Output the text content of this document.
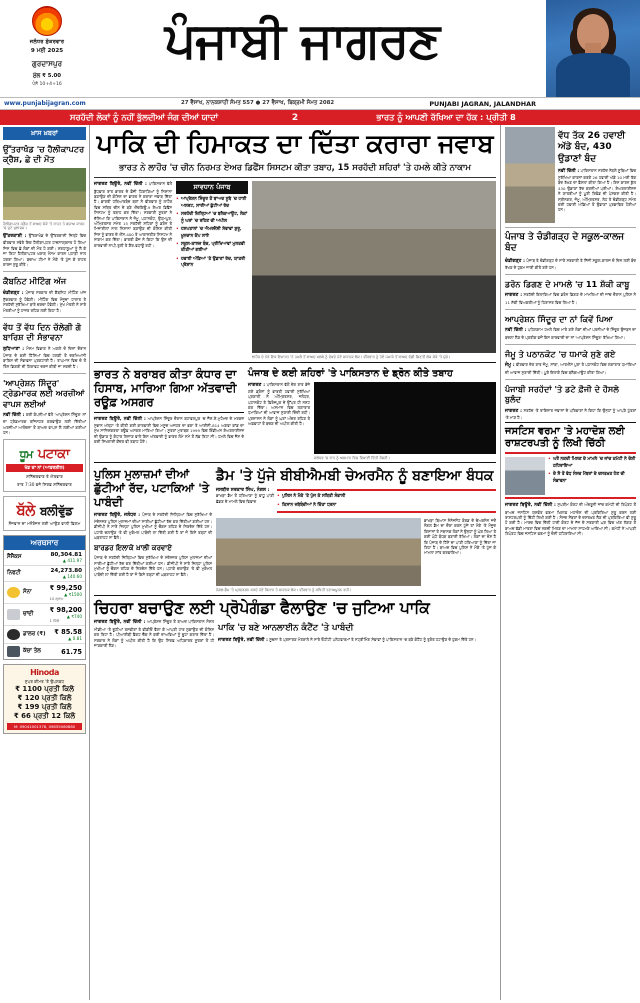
ਜਲੰਧਰ ਸ਼ੁੱਕਰਵਾਰ
9 ਮਈ 2025
ਗੁਰਦਾਸਪੁਰ
ਮੁੱਲ ₹ 5.00
ਪੰਨੇ 10+4+16
ਪੰਜਾਬੀ ਜਾਗਰਣ
www.punjabijagran.com	27 ਵੈਸਾਖ, ਨਾਨਕਸ਼ਾਹੀ ਸੰਮਤ 557 ● 27 ਵੈਸਾਖ, ਬਿਕ੍ਰਮੀ ਸੰਮਤ 2082	PUNJABI JAGRAN, JALANDHAR
ਸਰਹੱਦੀ ਲੋਕਾਂ ਨੂੰ ਨਹੀਂ ਭੁੱਲਦੀਆਂ ਜੰਗ ਦੀਆਂ ਯਾਦਾਂ	2	ਭਾਰਤ ਨੂੰ ਆਪਣੀ ਰੱਖਿਆ ਦਾ ਹੱਕ : ਪ੍ਰੀਤੀ 8
ਖ਼ਾਸ ਖ਼ਬਰਾਂ
ਉੱਤਰਾਖੰਡ 'ਚ ਹੈਲੀਕਾਪਟਰ ਕ੍ਰੈਸ਼, ਛੇ ਦੀ ਮੌਤ
ਹੈਲੀਕਾਪਟਰ ਕ੍ਰੈਸ਼ ਤੋਂ ਬਾਅਦ ਮੌਕੇ 'ਤੇ ਰਾਹਤ ਤੇ ਬਚਾਅ ਕਾਰਜ 'ਚ ਜੁਟੇ ਮੁਲਾਜ਼ਮ।
ਉੱਤਰਕਾਸ਼ੀ : ਉੱਤਰਾਖੰਡ ਦੇ ਉੱਤਰਕਾਸ਼ੀ ਜ਼ਿਲ੍ਹੇ ਵਿਚ ਵੀਰਵਾਰ ਸਵੇਰੇ ਇਕ ਹੈਲੀਕਾਪਟਰ ਹਾਦਸਾਗ੍ਰਸਤ ਹੋ ਗਿਆ ਜਿਸ ਵਿਚ ਛੇ ਲੋਕਾਂ ਦੀ ਮੌਤ ਹੋ ਗਈ। ਸ਼ਰਧਾਲੂਆਂ ਨੂੰ ਲੈ ਕੇ ਜਾ ਰਿਹਾ ਹੈਲੀਕਾਪਟਰ ਖ਼ਰਾਬ ਮੌਸਮ ਕਾਰਨ ਪਹਾੜੀ ਨਾਲ ਟਕਰਾ ਗਿਆ। ਬਚਾਅ ਟੀਮਾਂ ਨੇ ਮੌਕੇ 'ਤੇ ਪੁੱਜ ਕੇ ਰਾਹਤ ਕਾਰਜ ਸ਼ੁਰੂ ਕੀਤੇ।
ਕੈਬਨਿਟ ਮੀਟਿੰਗ ਅੱਜ
ਚੰਡੀਗੜ੍ਹ : ਪੰਜਾਬ ਸਰਕਾਰ ਦੀ ਕੈਬਨਿਟ ਮੀਟਿੰਗ ਅੱਜ ਸ਼ੁੱਕਰਵਾਰ ਨੂੰ ਹੋਵੇਗੀ। ਮੀਟਿੰਗ ਵਿਚ ਮੌਜੂਦਾ ਹਾਲਾਤ ਤੇ ਸਰਹੱਦੀ ਸੁਰੱਖਿਆ ਬਾਰੇ ਚਰਚਾ ਹੋਵੇਗੀ। ਮੁੱਖ ਮੰਤਰੀ ਨੇ ਸਾਰੇ ਮੰਤਰੀਆਂ ਨੂੰ ਹਾਜ਼ਰ ਰਹਿਣ ਲਈ ਕਿਹਾ ਹੈ।
ਵੱਧ ਤੋਂ ਵੱਧ ਦਿਨ ਚੱਲੇਗੀ ਗੋ ਬਾਰਿਸ਼ ਦੀ ਸੰਭਾਵਨਾ
ਲੁਧਿਆਣਾ : ਮੌਸਮ ਵਿਭਾਗ ਨੇ ਅਗਲੇ ਦੋ ਦਿਨਾਂ ਦੌਰਾਨ ਪੰਜਾਬ ਦੇ ਕਈ ਹਿੱਸਿਆਂ ਵਿਚ ਹਲਕੀ ਤੋਂ ਦਰਮਿਆਨੀ ਬਾਰਿਸ਼ ਦੀ ਸੰਭਾਵਨਾ ਪ੍ਰਗਟਾਈ ਹੈ। ਤਾਪਮਾਨ ਵਿਚ ਦੋ ਤੋਂ ਤਿੰਨ ਡਿਗਰੀ ਦੀ ਗਿਰਾਵਟ ਦਰਜ ਕੀਤੀ ਜਾ ਸਕਦੀ ਹੈ।
'ਆਪ੍ਰੇਸ਼ਨ ਸਿੰਦੂਰ' ਟ੍ਰੇਡਮਾਰਕ ਲਈ ਅਰਜ਼ੀਆਂ ਵਾਪਸ ਲਈਆਂ
ਨਵੀਂ ਦਿੱਲੀ : ਕਈ ਕੰਪਨੀਆਂ ਵੱਲੋਂ 'ਆਪ੍ਰੇਸ਼ਨ ਸਿੰਦੂਰ' ਨਾਂ ਦਾ ਟ੍ਰੇਡਮਾਰਕ ਰਜਿਸਟਰ ਕਰਵਾਉਣ ਲਈ ਦਿੱਤੀਆਂ ਅਰਜ਼ੀਆਂ ਆਲੋਚਨਾ ਤੋਂ ਬਾਅਦ ਵਾਪਸ ਲੈ ਲਈਆਂ ਗਈਆਂ ਹਨ।
ਧੂਮ ਪਟਾਕਾ
ਖੇਡ ਦਾ ਨਾਂ (ਆਫ਼ਰਸ਼ੀਲ)
ਸ਼ਨਿੱਚਰਵਾਰ ਤੇ ਐਤਵਾਰ
ਰਾਤ 7:30 ਵਜੇ ਸਿਰਫ਼ ਸ਼ਨਿੱਚਰਵਾਰ
ਬੱਲੇ ਬਲੀਵੁੱਡ
ਨੌਜਵਾਨ ਦਾ ਮਨੋਰੰਜਨ ਲਈ ਆਉਣ ਵਾਲੀ ਫ਼ਿਲਮ
ਅਰਥਸਾਰ
ਸੈਂਸੈਕਸ	80,304.81
▲ 411.97
ਨਿਫਟੀ	24,273.80
▲ 140.60
ਸੋਨਾ	₹ 99,250
▲ ₹1500
10 ਗ੍ਰਾਮ
ਚਾਂਦੀ	₹ 98,200
▲ ₹740
1 ਕਿੱਲੋ
ਡਾਲਰ (₹)	₹ 85.58
▲ 0.81
ਕੱਚਾ ਤੇਲ	61.75
Hinoda
ਸੁਪਰ ਕੀਮਤ 'ਤੇ ਉਪਲਬਧ
₹ 1100 ਪ੍ਰਤੀ ਕਿਲੋ
₹ 120 ਪ੍ਰਤੀ ਕਿਲੋ
₹ 199 ਪ੍ਰਤੀ ਕਿਲੋ
₹ 66 ਪ੍ਰਤੀ 12 ਕਿਲੋ
M: 09041001378, 09855060880
ਪਾਕਿ ਦੀ ਹਿਮਾਕਤ ਦਾ ਦਿੱਤਾ ਕਰਾਰਾ ਜਵਾਬ
ਭਾਰਤ ਨੇ ਲਾਹੌਰ 'ਚ ਚੀਨ ਨਿਰਮਤ ਏਅਰ ਡਿਫੈਂਸ ਸਿਸਟਮ ਕੀਤਾ ਤਬਾਹ, 15 ਸਰਹੱਦੀ ਸ਼ਹਿਰਾਂ 'ਤੇ ਹਮਲੇ ਕੀਤੇ ਨਾਕਾਮ
ਜਾਗਰਣ ਬਿਊਰੋ, ਨਵੀਂ ਦਿੱਲੀ : ਪਾਕਿਸਤਾਨ ਵੱਲੋਂ ਬੁੱਧਵਾਰ ਰਾਤ ਭਾਰਤ ਦੇ ਫ਼ੌਜੀ ਟਿਕਾਣਿਆਂ ਨੂੰ ਨਿਸ਼ਾਨਾ ਬਣਾਉਣ ਦੀ ਕੋਸ਼ਿਸ਼ ਦਾ ਭਾਰਤ ਨੇ ਕਰਾਰਾ ਜਵਾਬ ਦਿੱਤਾ ਹੈ। ਭਾਰਤੀ ਹਥਿਆਰਬੰਦ ਬਲਾਂ ਨੇ ਵੀਰਵਾਰ ਨੂੰ ਲਾਹੌਰ ਵਿਚ ਸਥਿਤ ਚੀਨ ਦੇ ਬਣੇ ਐੱਚਕਿਊ-9 ਏਅਰ ਡਿਫੈਂਸ ਸਿਸਟਮ ਨੂੰ ਤਬਾਹ ਕਰ ਦਿੱਤਾ। ਸਰਕਾਰੀ ਸੂਤਰਾਂ ਨੇ ਦੱਸਿਆ ਕਿ ਪਾਕਿਸਤਾਨ ਨੇ ਜੰਮੂ, ਪਠਾਨਕੋਟ, ਉਧਮਪੁਰ, ਅੰਮ੍ਰਿਤਸਰ ਸਮੇਤ 15 ਸਰਹੱਦੀ ਸ਼ਹਿਰਾਂ ਨੂੰ ਡਰੋਨ ਤੇ ਮਿਜ਼ਾਈਲਾਂ ਨਾਲ ਨਿਸ਼ਾਨਾ ਬਣਾਉਣ ਦੀ ਕੋਸ਼ਿਸ਼ ਕੀਤੀ ਜਿਸ ਨੂੰ ਭਾਰਤ ਦੇ ਐੱਸ-400 ਤੇ ਆਕਾਸ਼ਤੀਰ ਸਿਸਟਮ ਨੇ ਨਾਕਾਮ ਕਰ ਦਿੱਤਾ। ਭਾਰਤੀ ਫ਼ੌਜ ਨੇ ਕਿਹਾ ਕਿ ਉਸ ਦੀ ਕਾਰਵਾਈ ਨਾਪੀ-ਤੁਲੀ ਤੇ ਗ਼ੈਰ-ਵਧਾਊ ਰਹੀ।
ਸਾਵਧਾਨ ਪੰਜਾਬ
• ਆਪ੍ਰੇਸ਼ਨ ਸਿੰਦੂਰ ਤੋਂ ਬਾਅਦ ਸੂਬੇ 'ਚ ਹਾਈ ਅਲਰਟ, ਸਾਰੀਆਂ ਛੁੱਟੀਆਂ ਰੱਦ
• ਸਰਹੱਦੀ ਜ਼ਿਲ੍ਹਿਆਂ 'ਚ ਬਲੈਕਆਊਟ, ਲੋਕਾਂ ਨੂੰ ਘਰਾਂ 'ਚ ਰਹਿਣ ਦੀ ਅਪੀਲ
• ਹਸਪਤਾਲਾਂ 'ਚ ਐਮਰਜੈਂਸੀ ਸੇਵਾਵਾਂ ਸ਼ੁਰੂ, ਖ਼ੂਨਦਾਨ ਕੈਂਪ ਲਾਏ
• ਸਕੂਲ-ਕਾਲਜ ਬੰਦ, ਪ੍ਰੀਖਿਆਵਾਂ ਮੁਲਤਵੀ ਕੀਤੀਆਂ ਗਈਆਂ
• ਹਵਾਈ ਅੱਡਿਆਂ 'ਤੇ ਉਡਾਣਾਂ ਰੱਦ, ਯਾਤਰੀ ਪ੍ਰੇਸ਼ਾਨ
ਲਾਹੌਰ ਦੇ ਨੇੜੇ ਇਕ ਇਮਾਰਤ 'ਤੇ ਹਮਲੇ ਤੋਂ ਬਾਅਦ ਮਲਬੇ ਨੂੰ ਦੇਖਦੇ ਹੋਏ ਸਥਾਨਕ ਲੋਕ। ਵੀਰਵਾਰ ਨੂੰ ਹੋਏ ਧਮਾਕੇ ਤੋਂ ਬਾਅਦ ਵੱਡੀ ਗਿਣਤੀ ਲੋਕ ਮੌਕੇ 'ਤੇ ਪੁੱਜੇ।
ਭਾਰਤ ਨੇ ਬਰਾਬਰ ਕੀਤਾ ਕੰਧਾਰ ਦਾ ਹਿਸਾਬ, ਮਾਰਿਆ ਗਿਆ ਅੱਤਵਾਦੀ ਰਊਫ਼ ਅਸਗਰ
ਜਾਗਰਣ ਬਿਊਰੋ, ਨਵੀਂ ਦਿੱਲੀ : ਆਪ੍ਰੇਸ਼ਨ ਸਿੰਦੂਰ ਦੌਰਾਨ ਬਹਾਵਲਪੁਰ 'ਚ ਜੈਸ਼-ਏ-ਮੁਹੰਮਦ ਦੇ ਮਰਕਜ਼ ਸੁਭਾਨ ਅੱਲ੍ਹਾ 'ਤੇ ਕੀਤੀ ਗਈ ਕਾਰਵਾਈ ਵਿਚ ਮਸੂਦ ਅਜ਼ਹਰ ਦਾ ਭਰਾ ਤੇ ਆਈਸੀ-814 ਅਗਵਾ ਕਾਂਡ ਦਾ ਮੁੱਖ ਸਾਜ਼ਿਸ਼ਕਰਤਾ ਰਊਫ਼ ਅਸਗਰ ਮਾਰਿਆ ਗਿਆ। ਸੂਤਰਾਂ ਮੁਤਾਬਕ 1999 ਵਿਚ ਇੰਡੀਅਨ ਏਅਰਲਾਈਨਜ਼ ਦੀ ਉਡਾਣ ਨੂੰ ਕੰਧਾਰ ਲਿਜਾਣ ਵਾਲੇ ਇਸ ਅੱਤਵਾਦੀ ਨੂੰ ਭਾਰਤ ਲੰਮੇ ਸਮੇਂ ਤੋਂ ਲੱਭ ਰਿਹਾ ਸੀ। ਹਮਲੇ ਵਿਚ ਜੈਸ਼ ਦੇ ਕਈ ਸਿਖਲਾਈ ਕੇਂਦਰ ਵੀ ਤਬਾਹ ਹੋਏ।
ਪੰਜਾਬ ਦੇ ਕਈ ਸ਼ਹਿਰਾਂ 'ਤੇ ਪਾਕਿਸਤਾਨ ਦੇ ਡ੍ਰੋਨ ਕੀਤੇ ਤਬਾਹ
ਜਾਗਰਣ : ਪਾਕਿਸਤਾਨ ਵੱਲੋਂ ਦੇਰ ਰਾਤ ਭੇਜੇ ਗਏ ਡ੍ਰੋਨਾਂ ਨੂੰ ਭਾਰਤੀ ਹਵਾਈ ਸੁਰੱਖਿਆ ਪ੍ਰਣਾਲੀ ਨੇ ਅੰਮ੍ਰਿਤਸਰ, ਜਲੰਧਰ, ਪਠਾਨਕੋਟ ਤੇ ਫ਼ਿਰੋਜ਼ਪੁਰ ਦੇ ਉੱਪਰ ਹੀ ਨਸ਼ਟ ਕਰ ਦਿੱਤਾ। ਅਸਮਾਨ ਵਿਚ ਲਗਾਤਾਰ ਧਮਾਕਿਆਂ ਦੀ ਆਵਾਜ਼ ਸੁਣਾਈ ਦਿੰਦੀ ਰਹੀ। ਪ੍ਰਸ਼ਾਸਨ ਨੇ ਲੋਕਾਂ ਨੂੰ ਘਰਾਂ ਅੰਦਰ ਰਹਿਣ ਤੇ ਅਫ਼ਵਾਹਾਂ ਤੋਂ ਬਚਣ ਦੀ ਅਪੀਲ ਕੀਤੀ ਹੈ।
ਜਲੰਧਰ 'ਚ ਰਾਤ ਨੂੰ ਅਸਮਾਨ ਵਿਚ ਦਿਖਾਈ ਦਿੱਤੀ ਰੌਸ਼ਨੀ।
ਪੁਲਿਸ ਮੁਲਾਜ਼ਮਾਂ ਦੀਆਂ ਛੁੱਟੀਆਂ ਰੱਦ, ਪਟਾਕਿਆਂ 'ਤੇ ਪਾਬੰਦੀ
ਜਾਗਰਣ ਬਿਊਰੋ, ਜਲੰਧਰ : ਪੰਜਾਬ ਦੇ ਸਰਹੱਦੀ ਜ਼ਿਲ੍ਹਿਆਂ ਵਿਚ ਸੁਰੱਖਿਆ ਦੇ ਮੱਦੇਨਜ਼ਰ ਪੁਲਿਸ ਮੁਲਾਜ਼ਮਾਂ ਦੀਆਂ ਸਾਰੀਆਂ ਛੁੱਟੀਆਂ ਰੱਦ ਕਰ ਦਿੱਤੀਆਂ ਗਈਆਂ ਹਨ। ਡੀਜੀਪੀ ਨੇ ਸਾਰੇ ਜ਼ਿਲ੍ਹਾ ਪੁਲਿਸ ਮੁਖੀਆਂ ਨੂੰ ਚੌਕਸ ਰਹਿਣ ਦੇ ਨਿਰਦੇਸ਼ ਦਿੱਤੇ ਹਨ। ਪਟਾਕੇ ਚਲਾਉਣ 'ਤੇ ਵੀ ਮੁਕੰਮਲ ਪਾਬੰਦੀ ਲਾ ਦਿੱਤੀ ਗਈ ਹੈ ਤਾਂ ਜੋ ਕਿਸੇ ਤਰ੍ਹਾਂ ਦੀ ਘਬਰਾਹਟ ਨਾ ਫੈਲੇ।
ਬਾਰਡਰ ਇਲਾਕੇ ਖ਼ਾਲੀ ਕਰਵਾਏ
ਪੰਜਾਬ ਦੇ ਸਰਹੱਦੀ ਜ਼ਿਲ੍ਹਿਆਂ ਵਿਚ ਸੁਰੱਖਿਆ ਦੇ ਮੱਦੇਨਜ਼ਰ ਪੁਲਿਸ ਮੁਲਾਜ਼ਮਾਂ ਦੀਆਂ ਸਾਰੀਆਂ ਛੁੱਟੀਆਂ ਰੱਦ ਕਰ ਦਿੱਤੀਆਂ ਗਈਆਂ ਹਨ। ਡੀਜੀਪੀ ਨੇ ਸਾਰੇ ਜ਼ਿਲ੍ਹਾ ਪੁਲਿਸ ਮੁਖੀਆਂ ਨੂੰ ਚੌਕਸ ਰਹਿਣ ਦੇ ਨਿਰਦੇਸ਼ ਦਿੱਤੇ ਹਨ। ਪਟਾਕੇ ਚਲਾਉਣ 'ਤੇ ਵੀ ਮੁਕੰਮਲ ਪਾਬੰਦੀ ਲਾ ਦਿੱਤੀ ਗਈ ਹੈ ਤਾਂ ਜੋ ਕਿਸੇ ਤਰ੍ਹਾਂ ਦੀ ਘਬਰਾਹਟ ਨਾ ਫੈਲੇ।
ਡੈਮ 'ਤੇ ਪੁੱਜੇ ਬੀਬੀਐਮਬੀ ਚੇਅਰਮੈਨ ਨੂੰ ਬਣਾਇਆ ਬੰਧਕ
ਜਸਬੀਰ ਸਰਕਾਰ ਸਿੰਘ, ਨੰਗਲ :
ਭਾਖੜਾ ਡੈਮ ਤੋਂ ਹਰਿਆਣਾ ਨੂੰ ਵਾਧੂ ਪਾਣੀ ਛੱਡਣ ਦੇ ਮਾਮਲੇ ਵਿਚ ਵਿਵਾਦ
• ਪੁਲਿਸ ਨੇ ਮੌਕੇ 'ਤੇ ਪੁੱਜ ਕੇ ਸਥਿਤੀ ਸੰਭਾਲੀ
• ਕਿਸਾਨ ਜਥੇਬੰਦੀਆਂ ਨੇ ਦਿੱਤਾ ਧਰਨਾ
ਨੰਗਲ ਡੈਮ 'ਤੇ ਪ੍ਰਦਰਸ਼ਨ ਕਰਦੇ ਹੋਏ ਕਿਸਾਨ ਤੇ ਸਥਾਨਕ ਲੋਕ। ਵੀਰਵਾਰ ਨੂੰ ਸਥਿਤੀ ਤਣਾਅਪੂਰਨ ਰਹੀ।
ਭਾਖੜਾ ਬਿਆਸ ਮੈਨੇਜਮੈਂਟ ਬੋਰਡ ਦੇ ਚੇਅਰਮੈਨ ਜਦੋਂ ਨੰਗਲ ਡੈਮ ਦਾ ਦੌਰਾ ਕਰਨ ਪੁੱਜੇ ਤਾਂ ਮੌਕੇ 'ਤੇ ਮੌਜੂਦ ਕਿਸਾਨਾਂ ਤੇ ਸਥਾਨਕ ਲੋਕਾਂ ਨੇ ਉਨ੍ਹਾਂ ਨੂੰ ਘੇਰ ਲਿਆ ਤੇ ਕਈ ਘੰਟੇ ਬੰਧਕ ਬਣਾਈ ਰੱਖਿਆ। ਲੋਕਾਂ ਦਾ ਦੋਸ਼ ਹੈ ਕਿ ਪੰਜਾਬ ਦੇ ਹਿੱਸੇ ਦਾ ਪਾਣੀ ਹਰਿਆਣਾ ਨੂੰ ਦਿੱਤਾ ਜਾ ਰਿਹਾ ਹੈ। ਬਾਅਦ ਵਿਚ ਪੁਲਿਸ ਨੇ ਮੌਕੇ 'ਤੇ ਪੁੱਜ ਕੇ ਮਾਮਲਾ ਸ਼ਾਂਤ ਕਰਵਾਇਆ।
ਚਿਹਰਾ ਬਚਾਉਣ ਲਈ ਪ੍ਰੋਪੇਗੰਡਾ ਫੈਲਾਉਣ 'ਚ ਜੁਟਿਆ ਪਾਕਿ
ਜਾਗਰਣ ਬਿਊਰੋ, ਨਵੀਂ ਦਿੱਲੀ : ਆਪ੍ਰੇਸ਼ਨ ਸਿੰਦੂਰ ਤੋਂ ਬਾਅਦ ਪਾਕਿਸਤਾਨ ਸੋਸ਼ਲ ਮੀਡੀਆ 'ਤੇ ਝੂਠੀਆਂ ਤਸਵੀਰਾਂ ਤੇ ਵੀਡੀਓ ਫੈਲਾ ਕੇ ਆਪਣੀ ਹਾਰ ਲੁਕਾਉਣ ਦੀ ਕੋਸ਼ਿਸ਼ ਕਰ ਰਿਹਾ ਹੈ। ਪੀਆਈਬੀ ਫ਼ੈਕਟ ਚੈੱਕ ਨੇ ਕਈ ਦਾਅਵਿਆਂ ਨੂੰ ਝੂਠਾ ਕਰਾਰ ਦਿੱਤਾ ਹੈ। ਸਰਕਾਰ ਨੇ ਲੋਕਾਂ ਨੂੰ ਅਪੀਲ ਕੀਤੀ ਹੈ ਕਿ ਉਹ ਸਿਰਫ਼ ਅਧਿਕਾਰਤ ਸੂਤਰਾਂ ਤੋਂ ਹੀ ਜਾਣਕਾਰੀ ਲੈਣ।
ਪਾਕਿ 'ਚ ਬਣੇ ਆਨਲਾਈਨ ਕੰਟੈਂਟ 'ਤੇ ਪਾਬੰਦੀ
ਜਾਗਰਣ ਬਿਊਰੋ, ਨਵੀਂ ਦਿੱਲੀ : ਸੂਚਨਾ ਤੇ ਪ੍ਰਸਾਰਣ ਮੰਤਰਾਲੇ ਨੇ ਸਾਰੇ ਓਟੀਟੀ ਪਲੇਟਫਾਰਮਾਂ ਤੇ ਸਟ੍ਰੀਮਿੰਗ ਸੇਵਾਵਾਂ ਨੂੰ ਪਾਕਿਸਤਾਨ 'ਚ ਬਣੇ ਕੰਟੈਂਟ ਨੂੰ ਤੁਰੰਤ ਹਟਾਉਣ ਦੇ ਹੁਕਮ ਦਿੱਤੇ ਹਨ।
ਵੱਧ ਤੱਕ 26 ਹਵਾਈ ਅੱਡੇ ਬੰਦ, 430 ਉਡਾਣਾਂ ਬੰਦ
ਨਵੀਂ ਦਿੱਲੀ : ਪਾਕਿਸਤਾਨ ਸਰਹੱਦ ਨੇੜਲੇ ਸੂਬਿਆਂ ਵਿਚ ਸੁਰੱਖਿਆ ਕਾਰਨਾਂ ਕਰਕੇ 26 ਹਵਾਈ ਅੱਡੇ 10 ਮਈ ਤੱਕ ਬੰਦ ਰੱਖਣ ਦਾ ਫ਼ੈਸਲਾ ਕੀਤਾ ਗਿਆ ਹੈ। ਇਸ ਕਾਰਨ ਕੁੱਲ 430 ਉਡਾਣਾਂ ਰੱਦ ਕਰਨੀਆਂ ਪਈਆਂ। ਏਅਰਲਾਈਨਜ਼ ਨੇ ਯਾਤਰੀਆਂ ਨੂੰ ਪੂਰੀ ਰਿਫੰਡ ਦੀ ਪੇਸ਼ਕਸ਼ ਕੀਤੀ ਹੈ। ਸ੍ਰੀਨਗਰ, ਜੰਮੂ, ਅੰਮ੍ਰਿਤਸਰ, ਲੇਹ ਤੇ ਚੰਡੀਗੜ੍ਹ ਸਮੇਤ ਕਈ ਹਵਾਈ ਅੱਡਿਆਂ ਤੋਂ ਉਡਾਣਾਂ ਪ੍ਰਭਾਵਿਤ ਹੋਈਆਂ ਹਨ।
ਪੰਜਾਬ ਤੇ ਚੰਡੀਗੜ੍ਹ ਦੇ ਸਕੂਲ-ਕਾਲਜ ਬੰਦ
ਚੰਡੀਗੜ੍ਹ : ਪੰਜਾਬ ਤੇ ਚੰਡੀਗੜ੍ਹ ਦੇ ਸਾਰੇ ਸਰਕਾਰੀ ਤੇ ਨਿੱਜੀ ਸਕੂਲ-ਕਾਲਜ ਦੋ ਦਿਨ ਲਈ ਬੰਦ ਰੱਖਣ ਦੇ ਹੁਕਮ ਜਾਰੀ ਕੀਤੇ ਗਏ ਹਨ।
ਡਰੋਨ ਡਿਗਣ ਦੇ ਮਾਮਲੇ 'ਚ 11 ਸ਼ੱਕੀ ਕਾਬੂ
ਜਾਗਰਣ : ਸਰਹੱਦੀ ਇਲਾਕਿਆਂ ਵਿਚ ਡਰੋਨ ਡਿਗਣ ਦੇ ਮਾਮਲਿਆਂ ਦੀ ਜਾਂਚ ਦੌਰਾਨ ਪੁਲਿਸ ਨੇ 11 ਸ਼ੱਕੀ ਵਿਅਕਤੀਆਂ ਨੂੰ ਹਿਰਾਸਤ ਵਿਚ ਲਿਆ ਹੈ।
ਆਪ੍ਰੇਸ਼ਨ ਸਿੰਦੂਰ ਦਾ ਨਾਂ ਕਿਵੇਂ ਪਿਆ
ਨਵੀਂ ਦਿੱਲੀ : ਪਹਿਲਗਾਮ ਹਮਲੇ ਵਿਚ ਮਾਰੇ ਗਏ ਲੋਕਾਂ ਦੀਆਂ ਪਤਨੀਆਂ ਦੇ ਸਿੰਦੂਰ ਉਜੜਨ ਦਾ ਬਦਲਾ ਲੈਣ ਦੇ ਪ੍ਰਤੀਕ ਵਜੋਂ ਇਸ ਕਾਰਵਾਈ ਦਾ ਨਾਂ 'ਆਪ੍ਰੇਸ਼ਨ ਸਿੰਦੂਰ' ਰੱਖਿਆ ਗਿਆ।
ਜੰਮੂ ਤੇ ਪਠਾਨਕੋਟ 'ਚ ਧਮਾਕੇ ਸੁਣੇ ਗਏ
ਜੰਮੂ : ਵੀਰਵਾਰ ਦੇਰ ਰਾਤ ਜੰਮੂ, ਸਾਂਬਾ, ਆਰਐੱਸ ਪੁਰਾ ਤੇ ਪਠਾਨਕੋਟ ਵਿਚ ਲਗਾਤਾਰ ਧਮਾਕਿਆਂ ਦੀ ਆਵਾਜ਼ ਸੁਣਾਈ ਦਿੱਤੀ। ਪੂਰੇ ਇਲਾਕੇ ਵਿਚ ਬਲੈਕਆਊਟ ਕੀਤਾ ਗਿਆ।
ਪੰਜਾਬੀ ਸਰਹੱਦਾਂ 'ਤੇ ਡਟੇ ਫ਼ੌਜੀ ਦੇ ਹੌਸਲੇ ਬੁਲੰਦ
ਜਾਗਰਣ : ਸਰਹੱਦ 'ਤੇ ਤਾਇਨਾਤ ਜਵਾਨਾਂ ਦੇ ਪਰਿਵਾਰਾਂ ਨੇ ਕਿਹਾ ਕਿ ਉਨ੍ਹਾਂ ਨੂੰ ਆਪਣੇ ਪੁੱਤਰਾਂ 'ਤੇ ਮਾਣ ਹੈ।
ਜਸਟਿਸ ਵਰਮਾ 'ਤੇ ਮਹਾਦੋਸ਼ ਲਈ ਰਾਸ਼ਟਰਪਤੀ ਨੂੰ ਲਿਖੀ ਚਿੱਠੀ
• ਘਰੋਂ ਨਕਦੀ ਮਿਲਣ ਦੇ ਮਾਮਲੇ 'ਚ ਜਾਂਚ ਕਮੇਟੀ ਨੇ ਦੋਸ਼ੀ ਠਹਿਰਾਇਆ
• ਦੋ ਸੌ ਤੋਂ ਵੱਧ ਸੰਸਦ ਮੈਂਬਰਾਂ ਦੇ ਦਸਤਖ਼ਤ ਹੋਣ ਦੀ ਸੰਭਾਵਨਾ
ਜਾਗਰਣ ਬਿਊਰੋ, ਨਵੀਂ ਦਿੱਲੀ : ਸੁਪਰੀਮ ਕੋਰਟ ਦੀ ਅੰਦਰੂਨੀ ਜਾਂਚ ਕਮੇਟੀ ਦੀ ਰਿਪੋਰਟ ਤੋਂ ਬਾਅਦ ਜਸਟਿਸ ਯਸ਼ਵੰਤ ਵਰਮਾ ਖ਼ਿਲਾਫ਼ ਮਹਾਦੋਸ਼ ਦੀ ਪ੍ਰਕਿਰਿਆ ਸ਼ੁਰੂ ਕਰਨ ਲਈ ਰਾਸ਼ਟਰਪਤੀ ਨੂੰ ਚਿੱਠੀ ਲਿਖੀ ਗਈ ਹੈ। ਸੰਸਦ ਮੈਂਬਰਾਂ ਦੇ ਦਸਤਖ਼ਤ ਲੈਣ ਦੀ ਪ੍ਰਕਿਰਿਆ ਵੀ ਸ਼ੁਰੂ ਹੋ ਗਈ ਹੈ। ਮਾਰਚ ਵਿਚ ਦਿੱਲੀ ਹਾਈ ਕੋਰਟ ਦੇ ਜੱਜ ਦੇ ਸਰਕਾਰੀ ਘਰ ਵਿਚ ਅੱਗ ਲੱਗਣ ਤੋਂ ਬਾਅਦ ਵੱਡੀ ਮਾਤਰਾ ਵਿਚ ਨਕਦੀ ਮਿਲਣ ਦਾ ਮਾਮਲਾ ਸਾਹਮਣੇ ਆਇਆ ਸੀ। ਕਮੇਟੀ ਨੇ ਆਪਣੀ ਰਿਪੋਰਟ ਵਿਚ ਜਸਟਿਸ ਵਰਮਾ ਨੂੰ ਦੋਸ਼ੀ ਠਹਿਰਾਇਆ ਸੀ।
